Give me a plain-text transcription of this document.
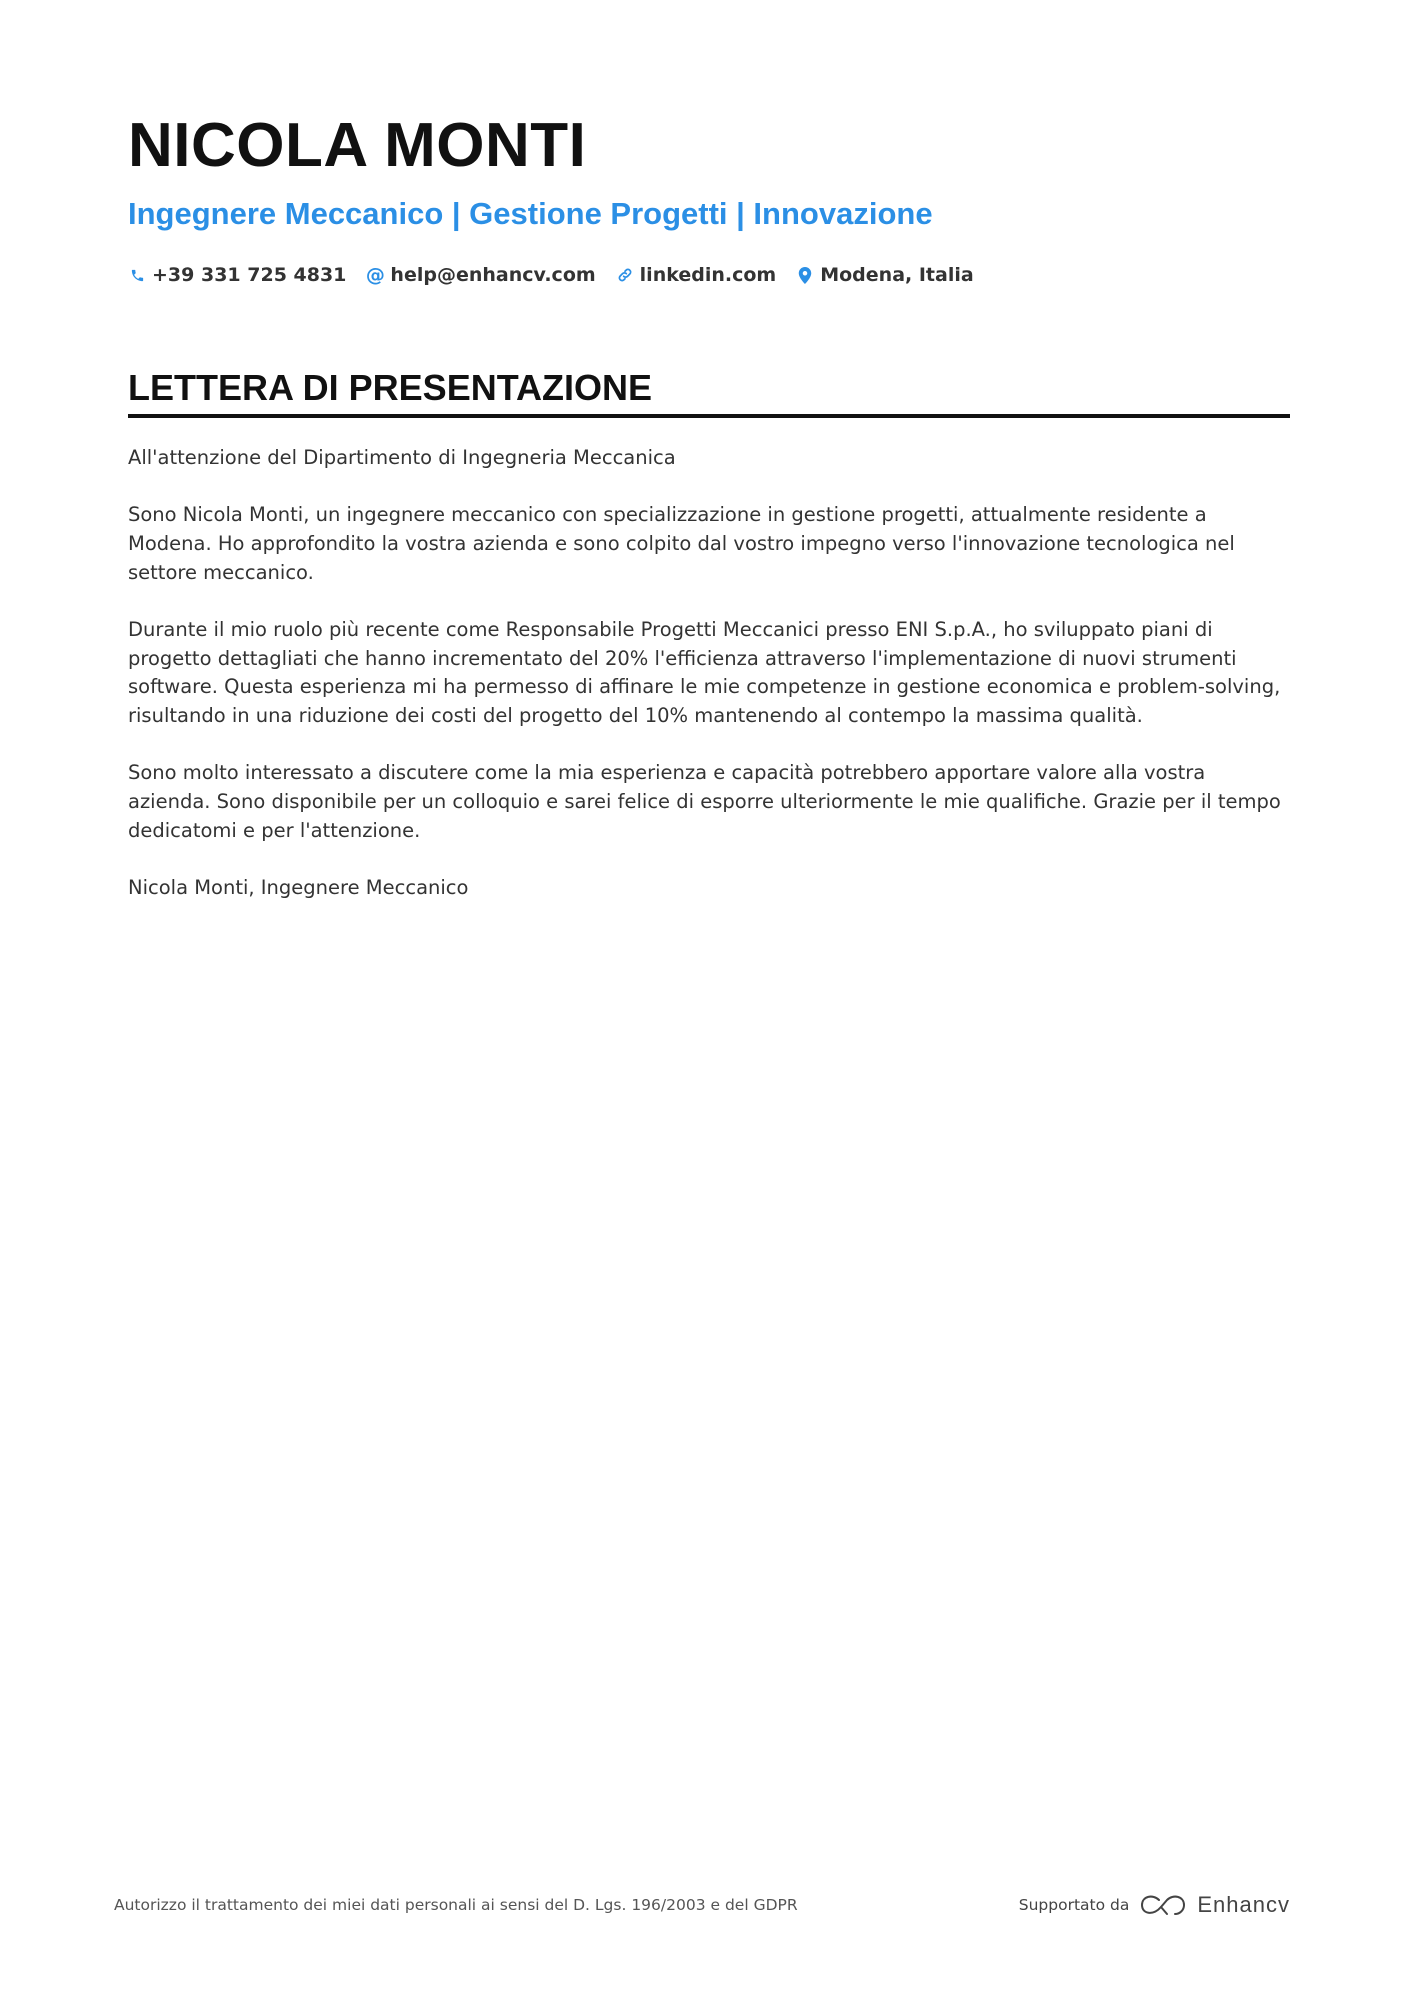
NICOLA MONTI
Ingegnere Meccanico | Gestione Progetti | Innovazione
+39 331 725 4831 @ help@enhancv.com linkedin.com Modena, Italia
LETTERA DI PRESENTAZIONE

All'attenzione del Dipartimento di Ingegneria Meccanica

Sono Nicola Monti, un ingegnere meccanico con specializzazione in gestione progetti, attualmente residente a Modena. Ho approfondito la vostra azienda e sono colpito dal vostro impegno verso l'innovazione tecnologica nel settore meccanico.

Durante il mio ruolo più recente come Responsabile Progetti Meccanici presso ENI S.p.A., ho sviluppato piani di progetto dettagliati che hanno incrementato del 20% l'efficienza attraverso l'implementazione di nuovi strumenti software. Questa esperienza mi ha permesso di affinare le mie competenze in gestione economica e problem-solving, risultando in una riduzione dei costi del progetto del 10% mantenendo al contempo la massima qualità.

Sono molto interessato a discutere come la mia esperienza e capacità potrebbero apportare valore alla vostra azienda. Sono disponibile per un colloquio e sarei felice di esporre ulteriormente le mie qualifiche. Grazie per il tempo dedicatomi e per l'attenzione.

Nicola Monti, Ingegnere Meccanico

Autorizzo il trattamento dei miei dati personali ai sensi del D. Lgs. 196/2003 e del GDPR	Supportato da	Enhancv
